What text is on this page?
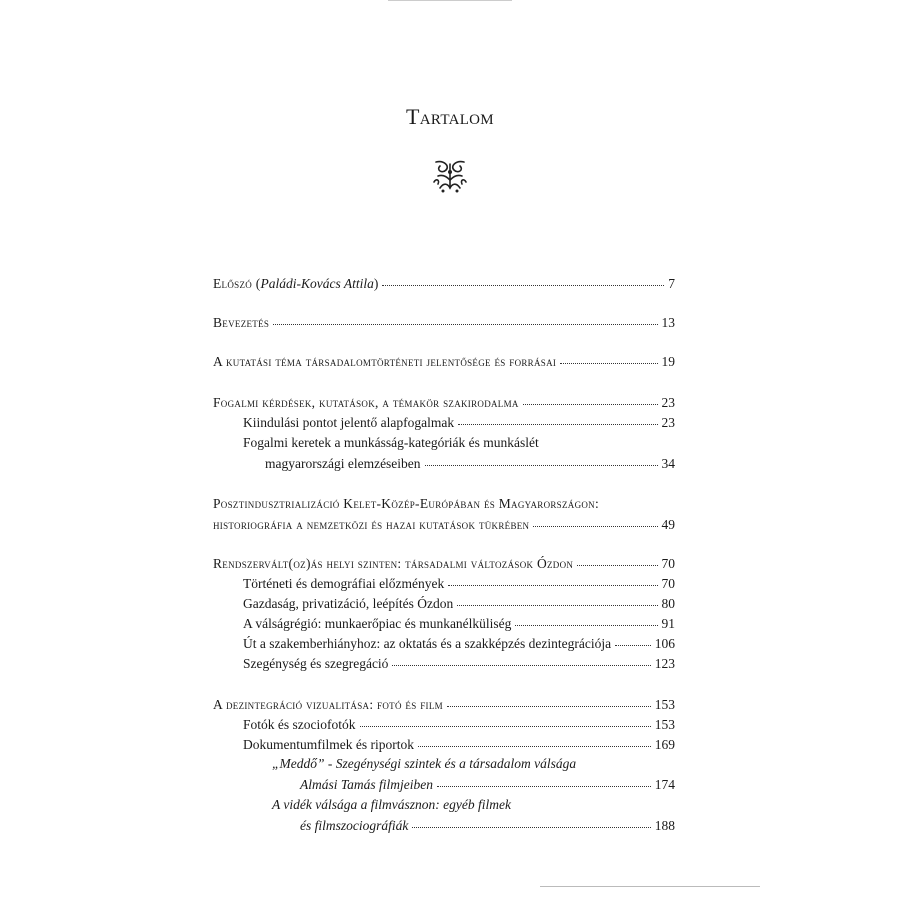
Tartalom
Előszó (Paládi-Kovács Attila)	7
Bevezetés	13
A kutatási téma társadalomtörténeti jelentősége és forrásai	19
Fogalmi kérdések, kutatások, a témakör szakirodalma	23
Kiindulási pontot jelentő alapfogalmak	23
Fogalmi keretek a munkásság-kategóriák és munkáslét
magyarországi elemzéseiben	34
Posztindusztrializáció Kelet-Közép-Európában és Magyarországon:
historiográfia a nemzetközi és hazai kutatások tükrében	49
Rendszervált(oz)ás helyi szinten: társadalmi változások Ózdon	70
Történeti és demográfiai előzmények	70
Gazdaság, privatizáció, leépítés Ózdon	80
A válságrégió: munkaerőpiac és munkanélküliség	91
Út a szakemberhiányhoz: az oktatás és a szakképzés dezintegrációja	106
Szegénység és szegregáció	123
A dezintegráció vizualitása: fotó és film	153
Fotók és szociofotók	153
Dokumentumfilmek és riportok	169
„Meddő” - Szegénységi szintek és a társadalom válsága
Almási Tamás filmjeiben	174
A vidék válsága a filmvásznon: egyéb filmek
és filmszociográfiák	188
